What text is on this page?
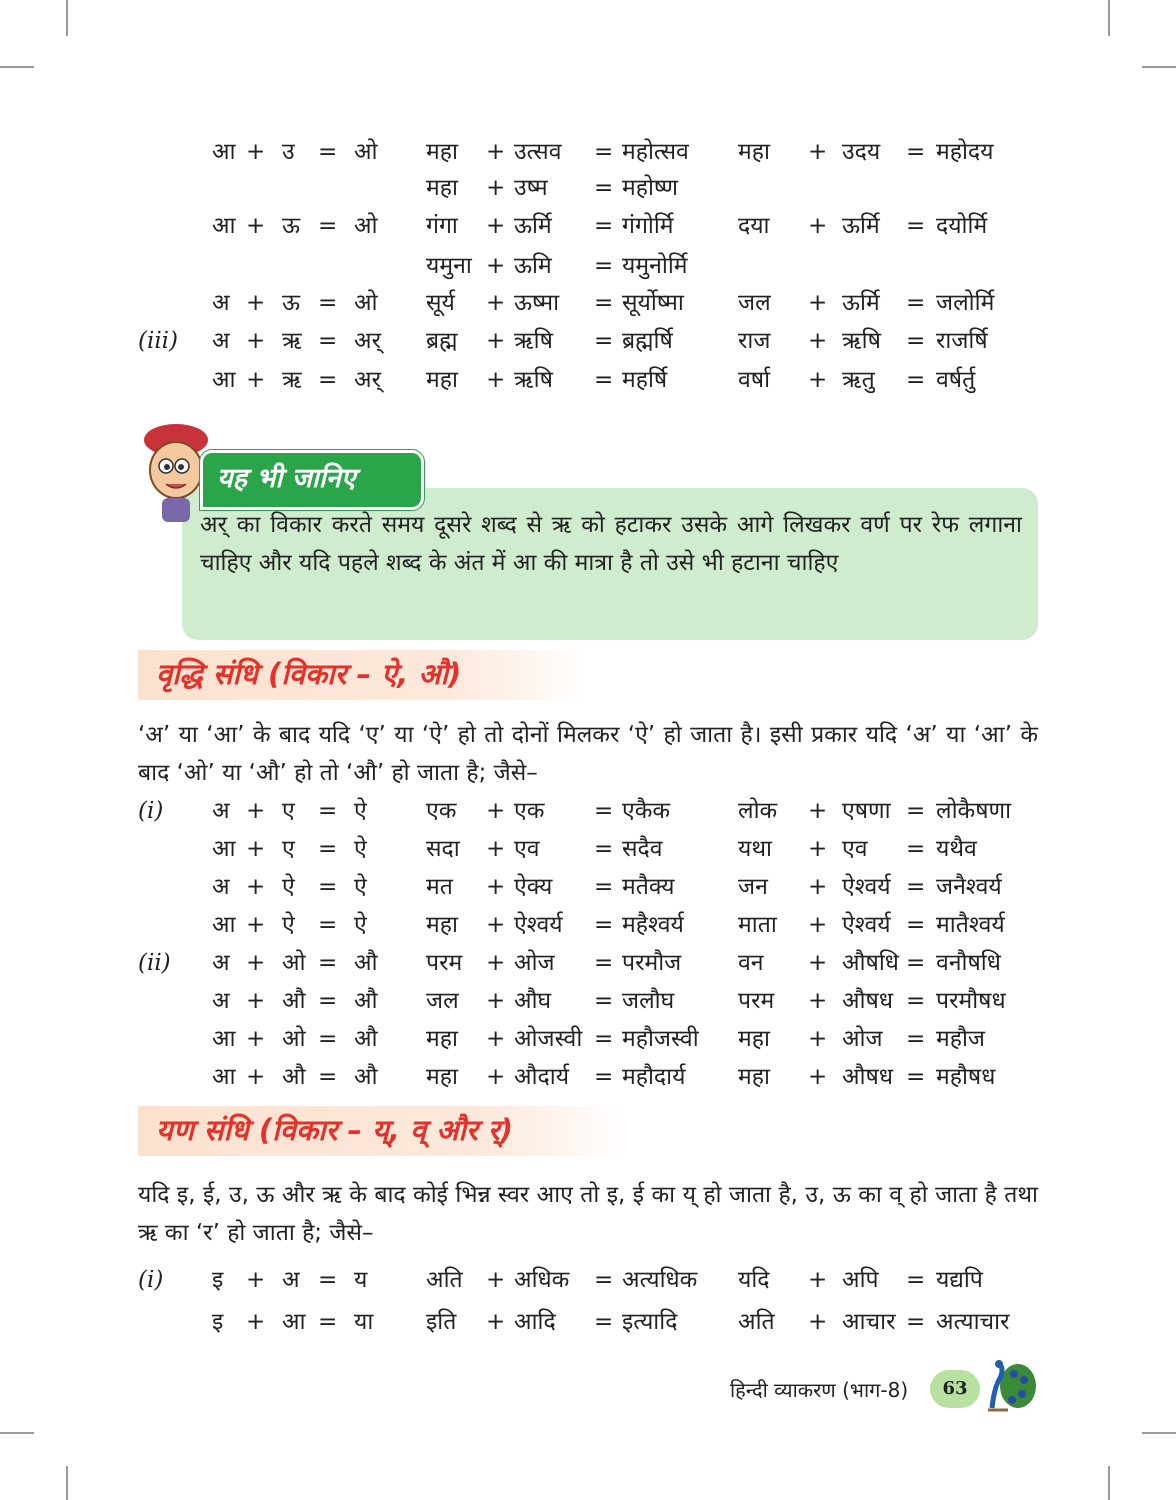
आ + उ = ओ महा + उत्सव = महोत्सव महा + उदय = महोदय
महा + उष्म = महोष्ण
आ + ऊ = ओ गंगा + ऊर्मि = गंगोर्मि	दया + ऊर्मि = दयोर्मि
यमुना + ऊमि = यमुनोर्मि
अ + ऊ = ओ सूर्य + ऊष्मा = सूर्योष्मा जल + ऊर्मि = जलोर्मि
(iii) अ + ऋ = अर् ब्रह्म + ऋषि = ब्रह्मर्षि	राज + ऋषि = राजर्षि
आ + ऋ = अर् महा + ऋषि = महर्षि	वर्षा + ऋतु = वर्षर्तु
अर् का विकार करते समय दूसरे शब्द से ऋ को हटाकर उसके आगे लिखकर वर्ण पर रेफ लगाना चाहिए और यदि पहले शब्द के अंत में आ की मात्रा है तो उसे भी हटाना चाहिए
यह भी जानिए
वृद्धि संधि (विकार – ऐ, औ)
‘अ’ या ‘आ’ के बाद यदि ‘ए’ या ‘ऐ’ हो तो दोनों मिलकर ‘ऐ’ हो जाता है। इसी प्रकार यदि ‘अ’ या ‘आ’ के बाद ‘ओ’ या ‘औ’ हो तो ‘औ’ हो जाता है; जैसे–
(i) अ + ए = ऐ	एक + एक = एकैक	लोक + एषणा = लोकैषणा
आ + ए = ऐ	सदा + एव = सदैव	यथा + एव = यथैव
अ + ऐ = ऐ	मत + ऐक्य = मतैक्य	जन + ऐश्वर्य = जनैश्वर्य
आ + ऐ = ऐ	महा + ऐश्वर्य = महैश्वर्य माता + ऐश्वर्य = मातैश्वर्य
(ii) अ + ओ = औ परम + ओज = परमौज वन + औषधि = वनौषधि
अ + औ = औ जल + औघ = जलौघ	परम + औषध = परमौषध
आ + ओ = औ महा + ओजस्वी = महौजस्वी महा + ओज = महौज
आ + औ = औ महा + औदार्य = महौदार्य महा + औषध = महौषध
यण संधि (विकार – य्, व् और र्)
यदि इ, ई, उ, ऊ और ऋ के बाद कोई भिन्न स्वर आए तो इ, ई का य् हो जाता है, उ, ऊ का व् हो जाता है तथा ऋ का ‘र’ हो जाता है; जैसे–
(i) इ + अ = य	अति + अधिक = अत्यधिक यदि + अपि = यद्यपि
इ + आ = या इति + आदि = इत्यादि	अति + आचार = अत्याचार
हिन्दी व्याकरण (भाग-8)	63
